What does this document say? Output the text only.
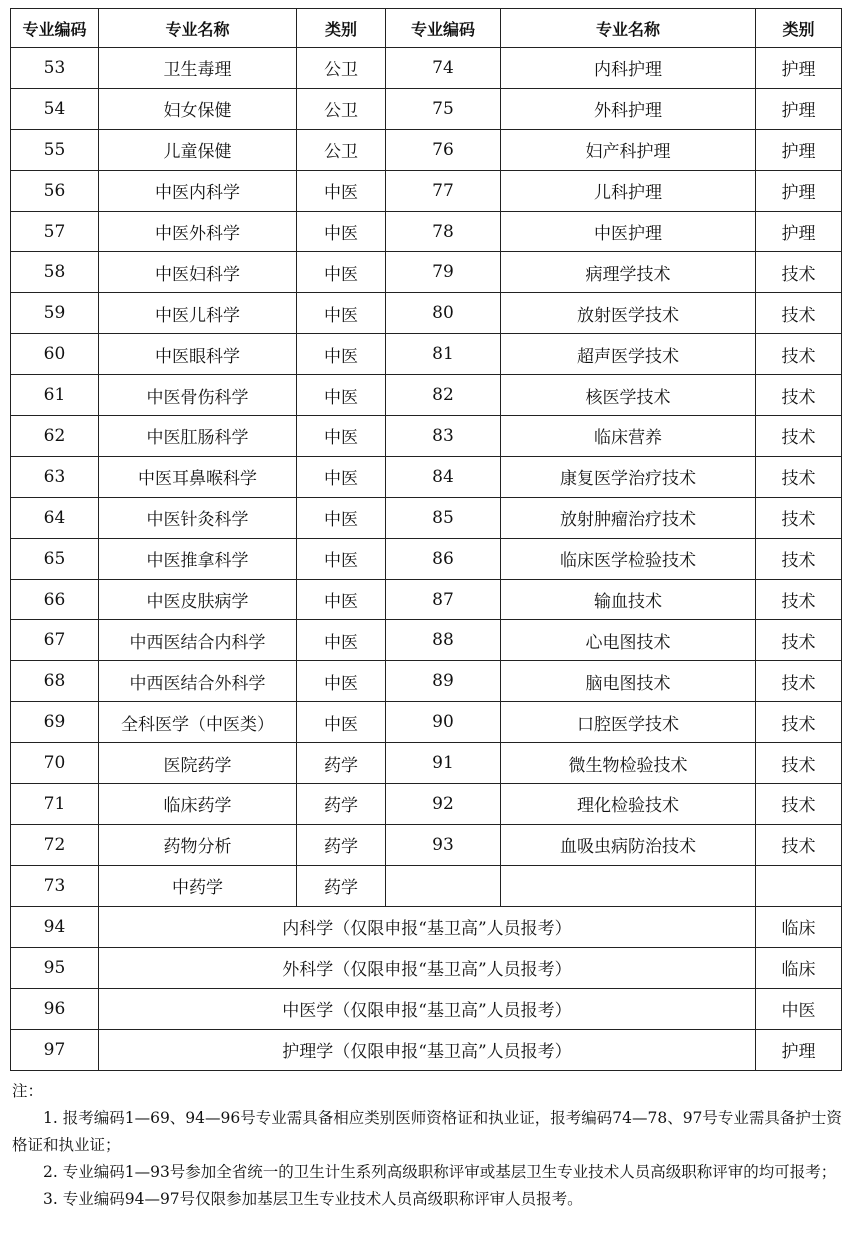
专业编码	专业名称	类别	专业编码	专业名称	类别
53	卫生毒理	公卫	74	内科护理	护理
54	妇女保健	公卫	75	外科护理	护理
55	儿童保健	公卫	76	妇产科护理	护理
56	中医内科学	中医	77	儿科护理	护理
57	中医外科学	中医	78	中医护理	护理
58	中医妇科学	中医	79	病理学技术	技术
59	中医儿科学	中医	80	放射医学技术	技术
60	中医眼科学	中医	81	超声医学技术	技术
61	中医骨伤科学	中医	82	核医学技术	技术
62	中医肛肠科学	中医	83	临床营养	技术
63	中医耳鼻喉科学	中医	84	康复医学治疗技术	技术
64	中医针灸科学	中医	85	放射肿瘤治疗技术	技术
65	中医推拿科学	中医	86	临床医学检验技术	技术
66	中医皮肤病学	中医	87	输血技术	技术
67	中西医结合内科学	中医	88	心电图技术	技术
68	中西医结合外科学	中医	89	脑电图技术	技术
69	全科医学（中医类）	中医	90	口腔医学技术	技术
70	医院药学	药学	91	微生物检验技术	技术
71	临床药学	药学	92	理化检验技术	技术
72	药物分析	药学	93	血吸虫病防治技术	技术
73	中药学	药学			
94	内科学（仅限申报“基卫高”人员报考）				临床
95	外科学（仅限申报“基卫高”人员报考）				临床
96	中医学（仅限申报“基卫高”人员报考）				中医
97	护理学（仅限申报“基卫高”人员报考）				护理
注：
1. 报考编码1—69、94—96号专业需具备相应类别医师资格证和执业证，报考编码74—78、97号专业需具备护士资格证和执业证；
2. 专业编码1—93号参加全省统一的卫生计生系列高级职称评审或基层卫生专业技术人员高级职称评审的均可报考；
3. 专业编码94—97号仅限参加基层卫生专业技术人员高级职称评审人员报考。
